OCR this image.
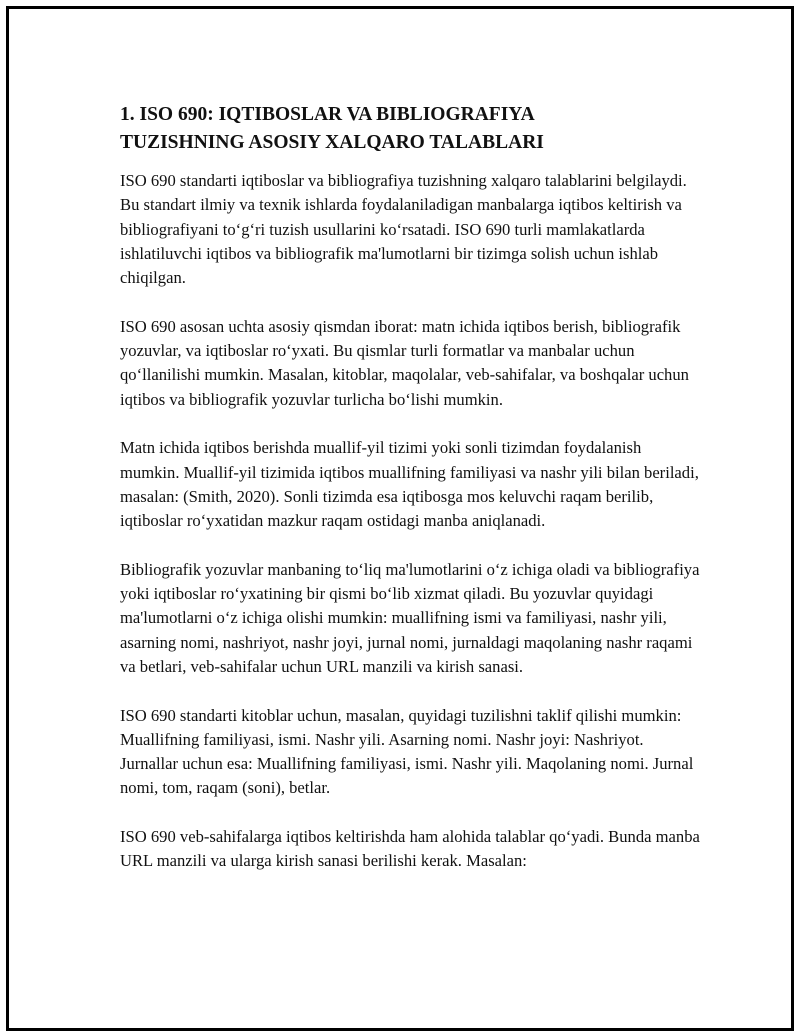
1. ISO 690: IQTIBOSLAR VA BIBLIOGRAFIYA
TUZISHNING ASOSIY XALQARO TALABLARI

ISO 690 standarti iqtiboslar va bibliografiya tuzishning xalqaro talablarini belgilaydi. Bu standart ilmiy va texnik ishlarda foydalaniladigan manbalarga iqtibos keltirish va bibliografiyani to‘g‘ri tuzish usullarini ko‘rsatadi. ISO 690 turli mamlakatlarda ishlatiluvchi iqtibos va bibliografik ma'lumotlarni bir tizimga solish uchun ishlab chiqilgan.

ISO 690 asosan uchta asosiy qismdan iborat: matn ichida iqtibos berish, bibliografik yozuvlar, va iqtiboslar ro‘yxati. Bu qismlar turli formatlar va manbalar uchun qo‘llanilishi mumkin. Masalan, kitoblar, maqolalar, veb-sahifalar, va boshqalar uchun iqtibos va bibliografik yozuvlar turlicha bo‘lishi mumkin.

Matn ichida iqtibos berishda muallif-yil tizimi yoki sonli tizimdan foydalanish mumkin. Muallif-yil tizimida iqtibos muallifning familiyasi va nashr yili bilan beriladi, masalan: (Smith, 2020). Sonli tizimda esa iqtibosga mos keluvchi raqam berilib, iqtiboslar ro‘yxatidan mazkur raqam ostidagi manba aniqlanadi.

Bibliografik yozuvlar manbaning to‘liq ma'lumotlarini o‘z ichiga oladi va bibliografiya yoki iqtiboslar ro‘yxatining bir qismi bo‘lib xizmat qiladi. Bu yozuvlar quyidagi ma'lumotlarni o‘z ichiga olishi mumkin: muallifning ismi va familiyasi, nashr yili, asarning nomi, nashriyot, nashr joyi, jurnal nomi, jurnaldagi maqolaning nashr raqami va betlari, veb-sahifalar uchun URL manzili va kirish sanasi.

ISO 690 standarti kitoblar uchun, masalan, quyidagi tuzilishni taklif qilishi mumkin: Muallifning familiyasi, ismi. Nashr yili. Asarning nomi. Nashr joyi: Nashriyot. Jurnallar uchun esa: Muallifning familiyasi, ismi. Nashr yili. Maqolaning nomi. Jurnal nomi, tom, raqam (soni), betlar.

ISO 690 veb-sahifalarga iqtibos keltirishda ham alohida talablar qo‘yadi. Bunda manba URL manzili va ularga kirish sanasi berilishi kerak. Masalan:
